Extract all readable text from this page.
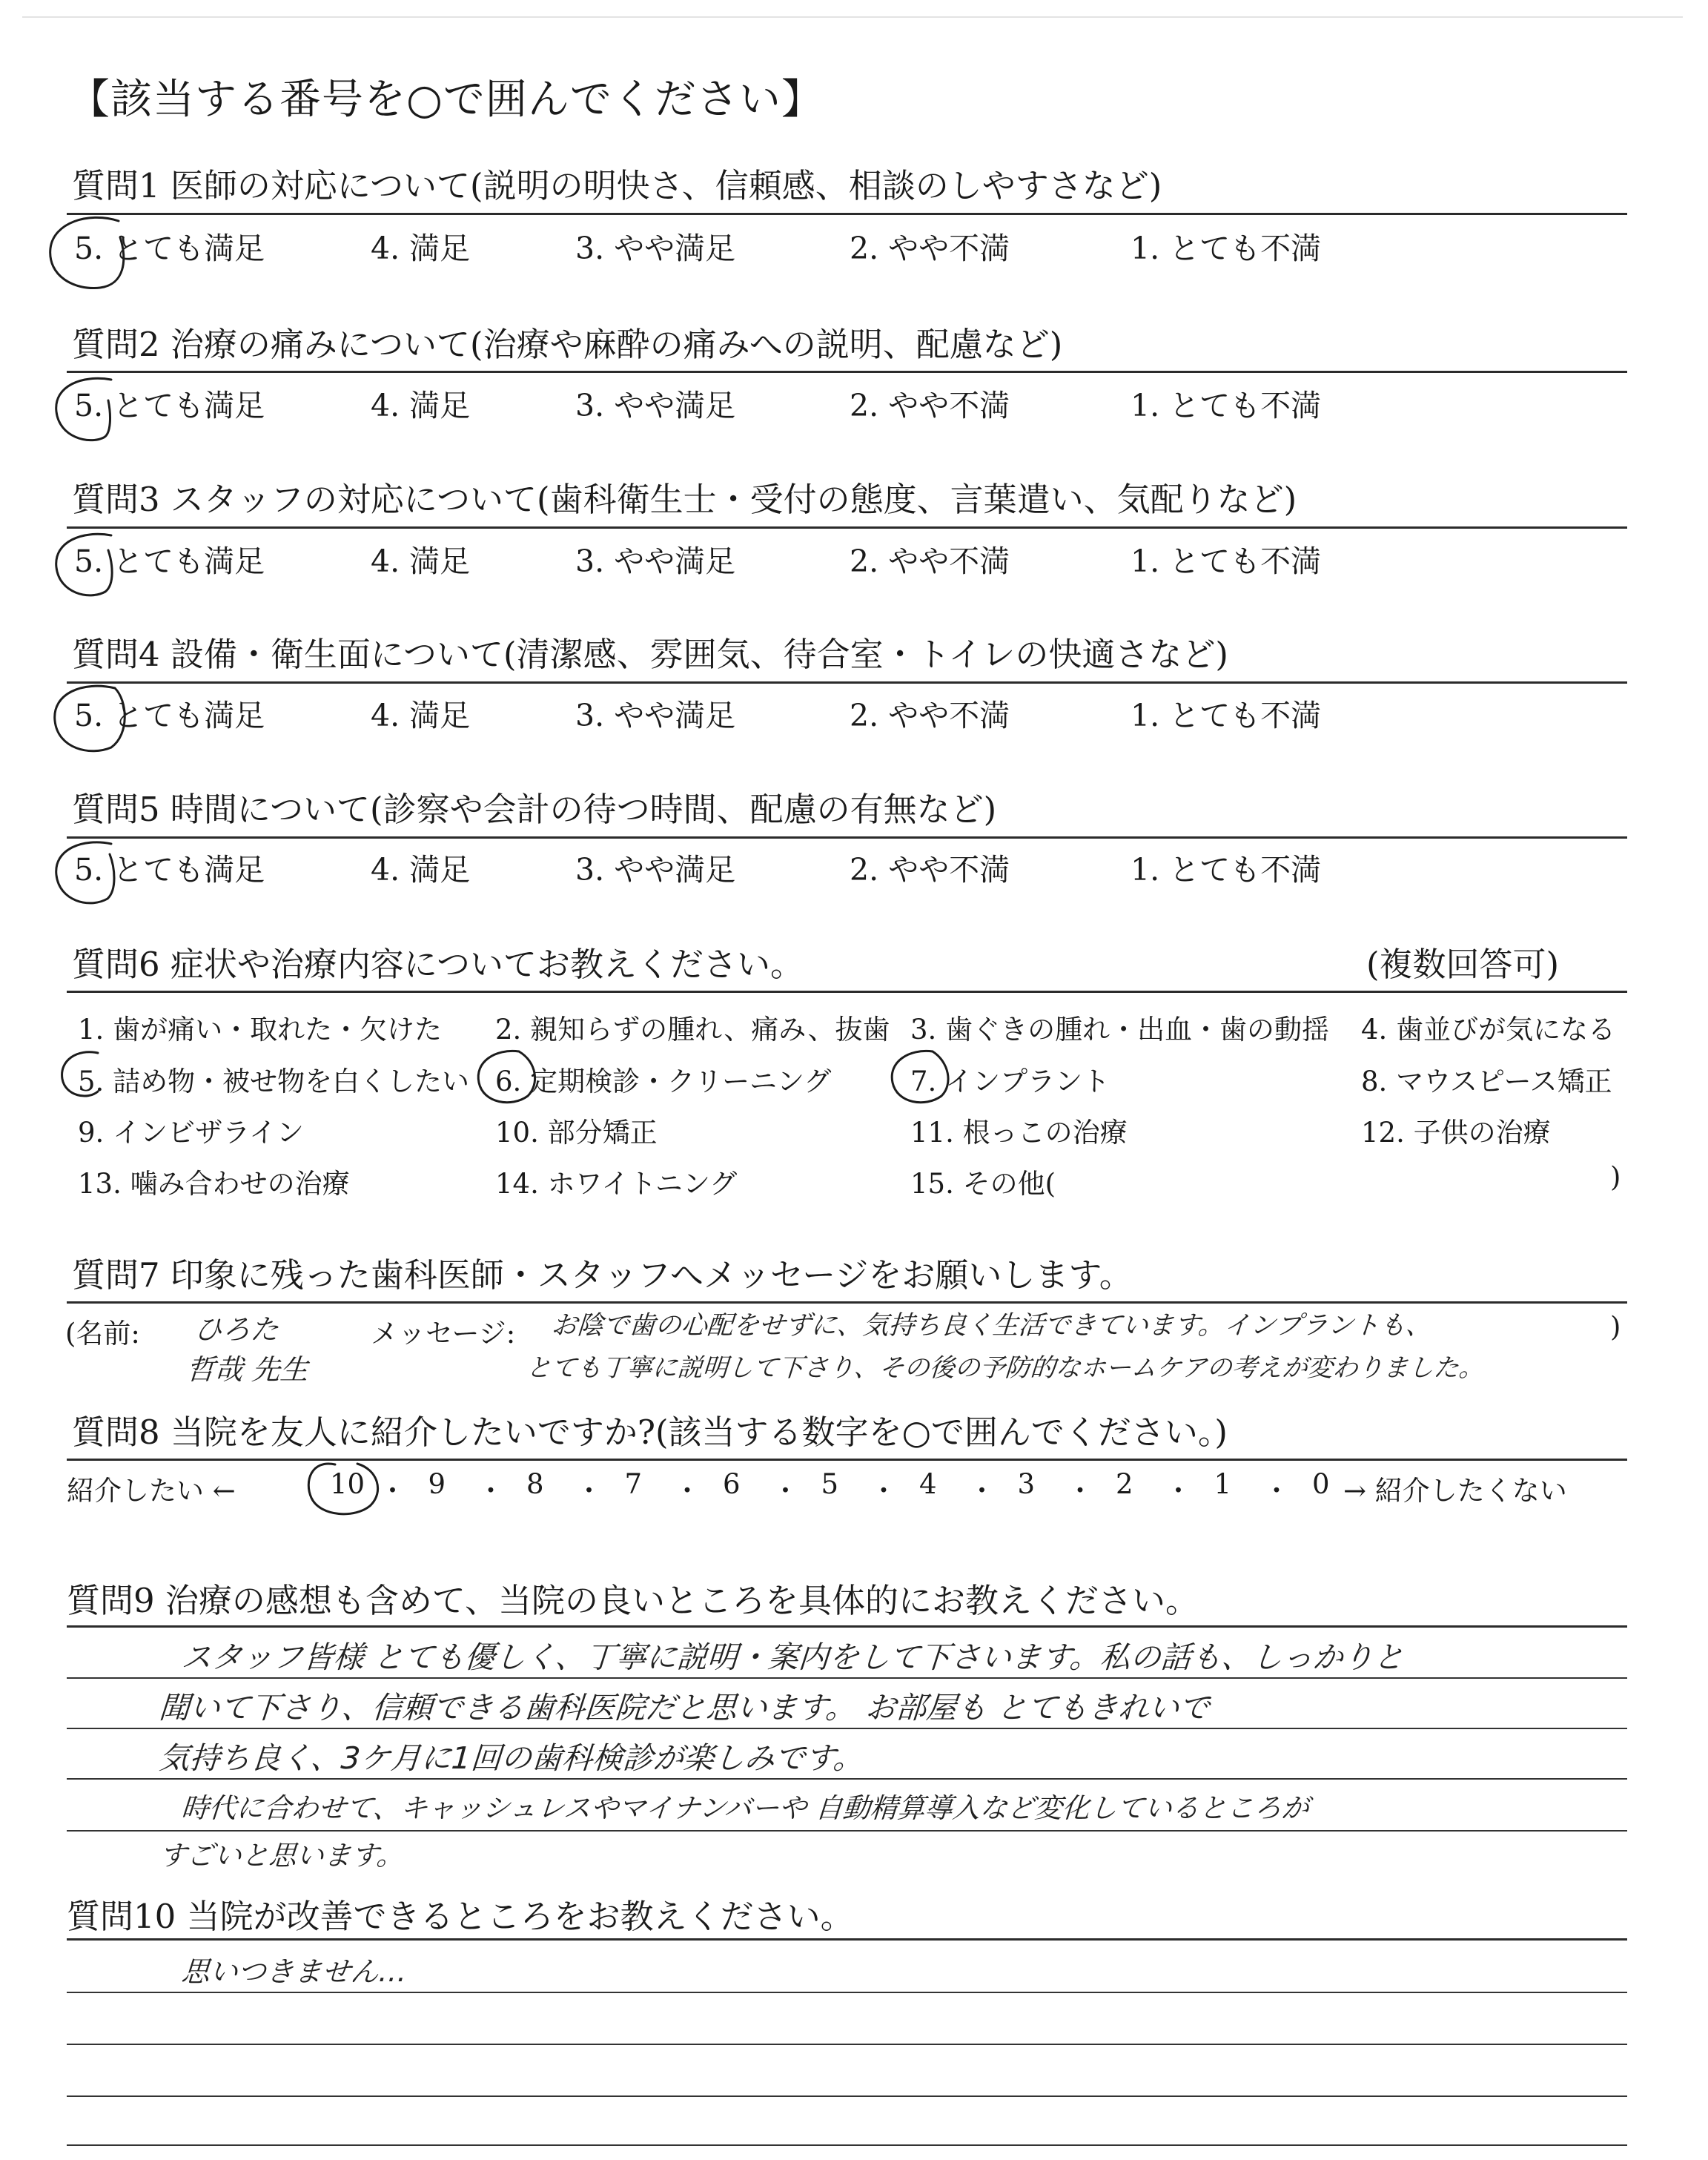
【該当する番号を○で囲んでください】
質問1 医師の対応について(説明の明快さ、信頼感、相談のしやすさなど)
5. とても満足	4. 満足	3. やや満足	2. やや不満	1. とても不満
質問2 治療の痛みについて(治療や麻酔の痛みへの説明、配慮など)
5. とても満足	4. 満足	3. やや満足	2. やや不満	1. とても不満
質問3 スタッフの対応について(歯科衛生士・受付の態度、言葉遣い、気配りなど)
5. とても満足	4. 満足	3. やや満足	2. やや不満	1. とても不満
質問4 設備・衛生面について(清潔感、雰囲気、待合室・トイレの快適さなど)
5. とても満足	4. 満足	3. やや満足	2. やや不満	1. とても不満
質問5 時間について(診察や会計の待つ時間、配慮の有無など)
5. とても満足	4. 満足	3. やや満足	2. やや不満	1. とても不満
質問6 症状や治療内容についてお教えください。	(複数回答可)
1. 歯が痛い・取れた・欠けた 2. 親知らずの腫れ、痛み、抜歯 3. 歯ぐきの腫れ・出血・歯の動揺 4. 歯並びが気になる
5. 詰め物・被せ物を白くしたい 6. 定期検診・クリーニング	7. インプラント	8. マウスピース矯正
9. インビザライン	10. 部分矯正	11. 根っこの治療	12. 子供の治療
13. 噛み合わせの治療	14. ホワイトニング	15. その他(	)
質問7 印象に残った歯科医師・スタッフへメッセージをお願いします。
(名前: ひろた
哲哉 先生
メッセージ: お陰で歯の心配をせずに、気持ち良く生活できています。インプラントも、
とても丁寧に説明して下さり、その後の予防的なホームケアの考えが変わりました。
)
質問8 当院を友人に紹介したいですか?(該当する数字を○で囲んでください。)
紹介したい ←	10 ・ 9 ・ 8 ・ 7 ・ 6 ・ 5 ・ 4 ・ 3 ・ 2 ・ 1 ・ 0 → 紹介したくない
質問9 治療の感想も含めて、当院の良いところを具体的にお教えください。
スタッフ皆様 とても優しく、丁寧に説明・案内をして下さいます。私の話も、しっかりと
聞いて下さり、信頼できる歯科医院だと思います。 お部屋も とてもきれいで
気持ち良く、3ケ月に1回の歯科検診が楽しみです。
時代に合わせて、キャッシュレスやマイナンバーや 自動精算導入など変化しているところが
すごいと思います。
質問10 当院が改善できるところをお教えください。
思いつきません…
